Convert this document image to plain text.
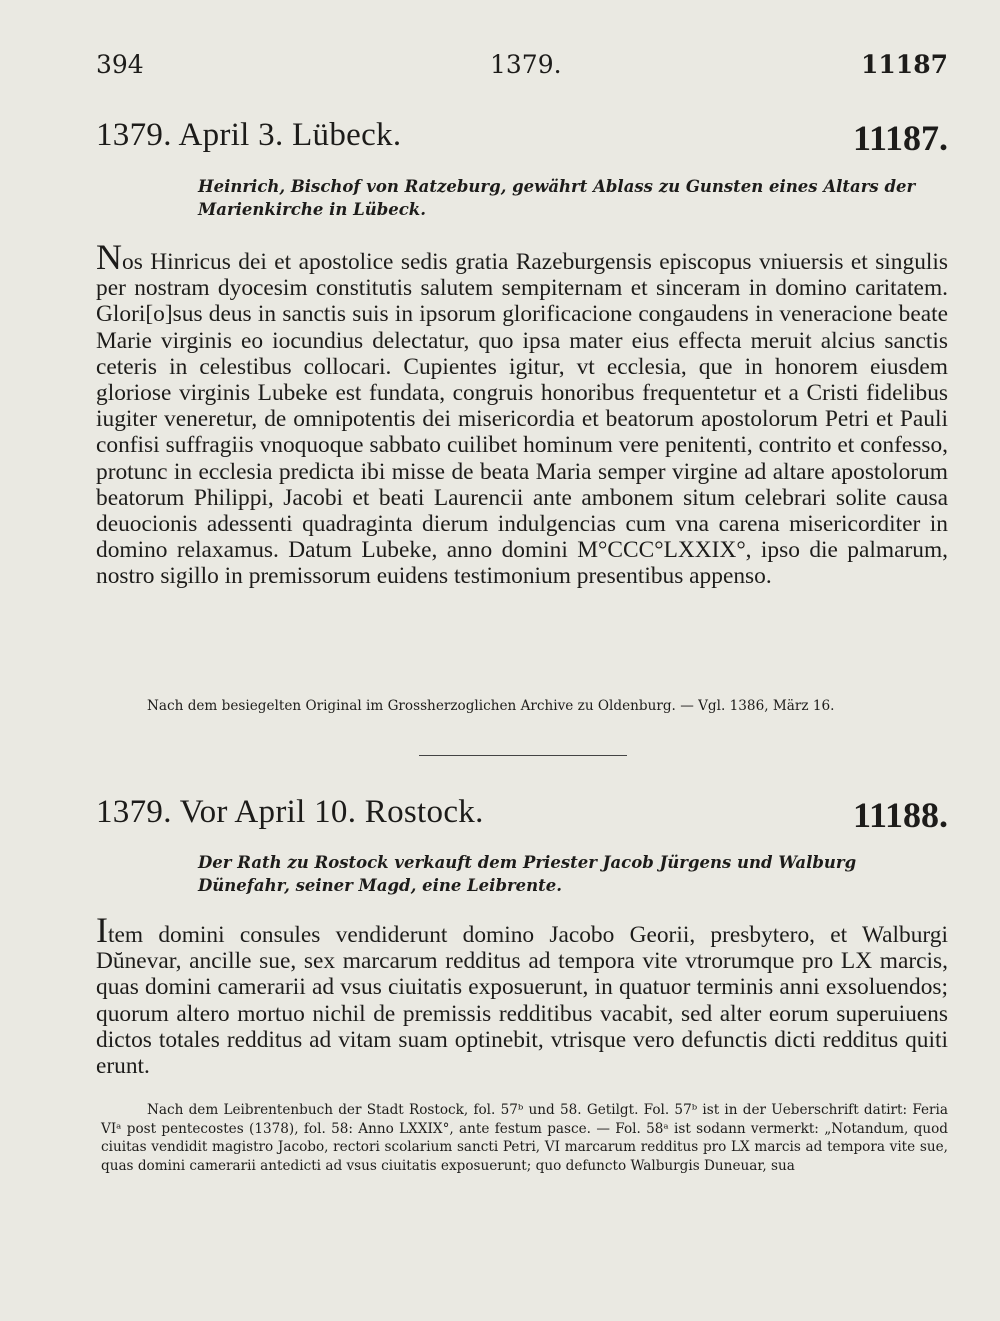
394	1379.	11187
1379. April 3. Lübeck.	11187.

Heinrich, Bischof von Ratzeburg, gewährt Ablass zu Gunsten eines Altars der Marienkirche in Lübeck.

Nos Hinricus dei et apostolice sedis gratia Razeburgensis episcopus vniuersis et singulis per nostram dyocesim constitutis salutem sempiternam et sinceram in domino caritatem. Glori[o]sus deus in sanctis suis in ipsorum glorificacione congaudens in veneracione beate Marie virginis eo iocundius delectatur, quo ipsa mater eius effecta meruit alcius sanctis ceteris in celestibus collocari. Cupientes igitur, vt ecclesia, que in honorem eiusdem gloriose virginis Lubeke est fundata, congruis honoribus frequentetur et a Cristi fidelibus iugiter veneretur, de omnipotentis dei misericordia et beatorum apostolorum Petri et Pauli confisi suffragiis vnoquoque sabbato cuilibet hominum vere penitenti, contrito et confesso, protunc in ecclesia predicta ibi misse de beata Maria semper virgine ad altare apostolorum beatorum Philippi, Jacobi et beati Laurencii ante ambonem situm celebrari solite causa deuocionis adessenti quadraginta dierum indulgencias cum vna carena misericorditer in domino relaxamus. Datum Lubeke, anno domini M°CCC°LXXIX°, ipso die palmarum, nostro sigillo in premissorum euidens testimonium presentibus appenso.

Nach dem besiegelten Original im Grossherzoglichen Archive zu Oldenburg. — Vgl. 1386, März 16.

1379. Vor April 10. Rostock.	11188.

Der Rath zu Rostock verkauft dem Priester Jacob Jürgens und Walburg Dünefahr, seiner Magd, eine Leibrente.

Item domini consules vendiderunt domino Jacobo Georii, presbytero, et Walburgi Dŭnevar, ancille sue, sex marcarum redditus ad tempora vite vtrorumque pro LX marcis, quas domini camerarii ad vsus ciuitatis exposuerunt, in quatuor terminis anni exsoluendos; quorum altero mortuo nichil de premissis redditibus vacabit, sed alter eorum superuiuens dictos totales redditus ad vitam suam optinebit, vtrisque vero defunctis dicti redditus quiti erunt.

Nach dem Leibrentenbuch der Stadt Rostock, fol. 57ᵇ und 58. Getilgt. Fol. 57ᵇ ist in der Ueberschrift datirt: Feria VIᵃ post pentecostes (1378), fol. 58: Anno LXXIX°, ante festum pasce. — Fol. 58ᵃ ist sodann vermerkt: „Notandum, quod ciuitas vendidit magistro Jacobo, rectori scolarium sancti Petri, VI marcarum redditus pro LX marcis ad tempora vite sue, quas domini camerarii antedicti ad vsus ciuitatis exposuerunt; quo defuncto Walburgis Duneuar, sua
